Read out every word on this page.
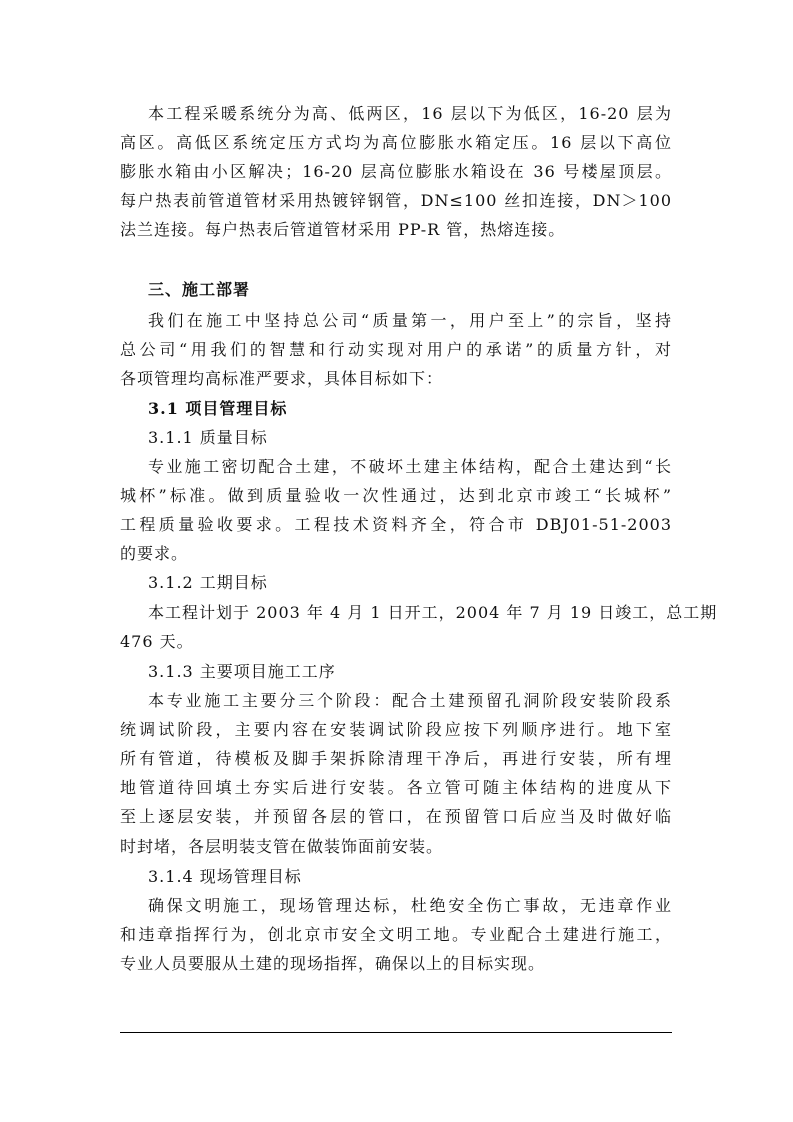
本工程采暖系统分为高、低两区，16 层以下为低区，16-20 层为
高区。高低区系统定压方式均为高位膨胀水箱定压。16 层以下高位
膨胀水箱由小区解决；16-20 层高位膨胀水箱设在 36 号楼屋顶层。
每户热表前管道管材采用热镀锌钢管，DN≤100 丝扣连接，DN＞100
法兰连接。每户热表后管道管材采用 PP-R 管，热熔连接。
三、施工部署
我们在施工中坚持总公司“质量第一，用户至上”的宗旨，坚持
总公司“用我们的智慧和行动实现对用户的承诺”的质量方针，对
各项管理均高标准严要求，具体目标如下：
3.1 项目管理目标
3.1.1 质量目标
专业施工密切配合土建，不破坏土建主体结构，配合土建达到“长
城杯”标准。做到质量验收一次性通过，达到北京市竣工“长城杯”
工程质量验收要求。工程技术资料齐全，符合市 DBJ01-51-2003
的要求。
3.1.2 工期目标
本工程计划于 2003 年 4 月 1 日开工，2004 年 7 月 19 日竣工，总工期
476 天。
3.1.3 主要项目施工工序
本专业施工主要分三个阶段：配合土建预留孔洞阶段安装阶段系
统调试阶段，主要内容在安装调试阶段应按下列顺序进行。地下室
所有管道，待模板及脚手架拆除清理干净后，再进行安装，所有埋
地管道待回填土夯实后进行安装。各立管可随主体结构的进度从下
至上逐层安装，并预留各层的管口，在预留管口后应当及时做好临
时封堵，各层明装支管在做装饰面前安装。
3.1.4 现场管理目标
确保文明施工，现场管理达标，杜绝安全伤亡事故，无违章作业
和违章指挥行为，创北京市安全文明工地。专业配合土建进行施工，
专业人员要服从土建的现场指挥，确保以上的目标实现。
